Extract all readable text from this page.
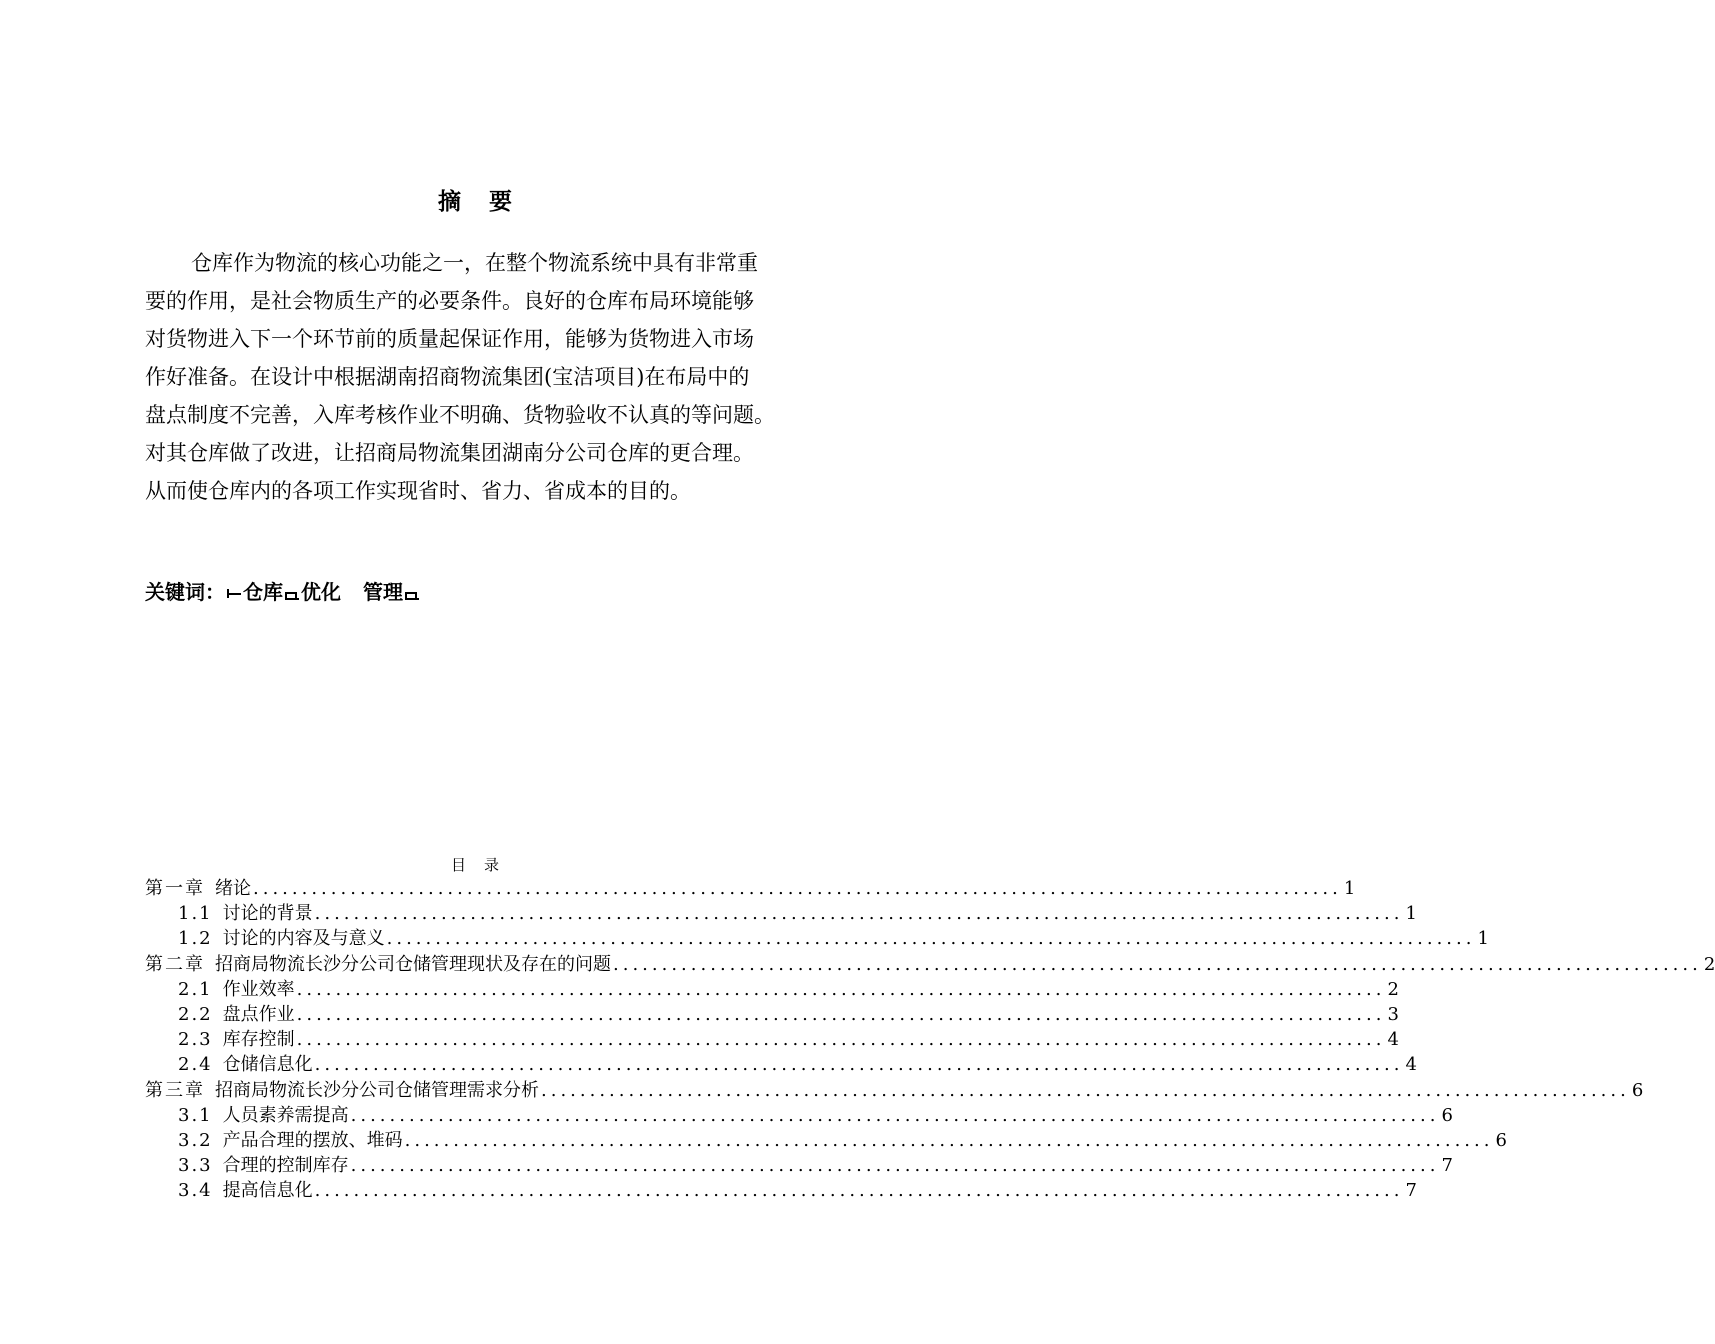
摘要
仓库作为物流的核心功能之一，在整个物流系统中具有非常重
要的作用，是社会物质生产的必要条件。良好的仓库布局环境能够
对货物进入下一个环节前的质量起保证作用，能够为货物进入市场
作好准备。在设计中根据湖南招商物流集团(宝洁项目)在布局中的
盘点制度不完善，入库考核作业不明确、货物验收不认真的等问题。
对其仓库做了改进，让招商局物流集团湖南分公司仓库的更合理。
从而使仓库内的各项工作实现省时、省力、省成本的目的。
关键词： 仓库 优化 管理
目录
第一章 绪论 ................................................................................................................ 1
1.1 讨论的背景 ................................................................................................................ 1
1.2 讨论的内容及与意义 ................................................................................................................ 1
第二章 招商局物流长沙分公司仓储管理现状及存在的问题 ................................................................................................................ 2
2.1 作业效率 ................................................................................................................ 2
2.2 盘点作业 ................................................................................................................ 3
2.3 库存控制 ................................................................................................................ 4
2.4 仓储信息化 ................................................................................................................ 4
第三章 招商局物流长沙分公司仓储管理需求分析 ................................................................................................................ 6
3.1 人员素养需提高 ................................................................................................................ 6
3.2 产品合理的摆放、堆码 ................................................................................................................ 6
3.3 合理的控制库存 ................................................................................................................ 7
3.4 提高信息化 ................................................................................................................ 7
